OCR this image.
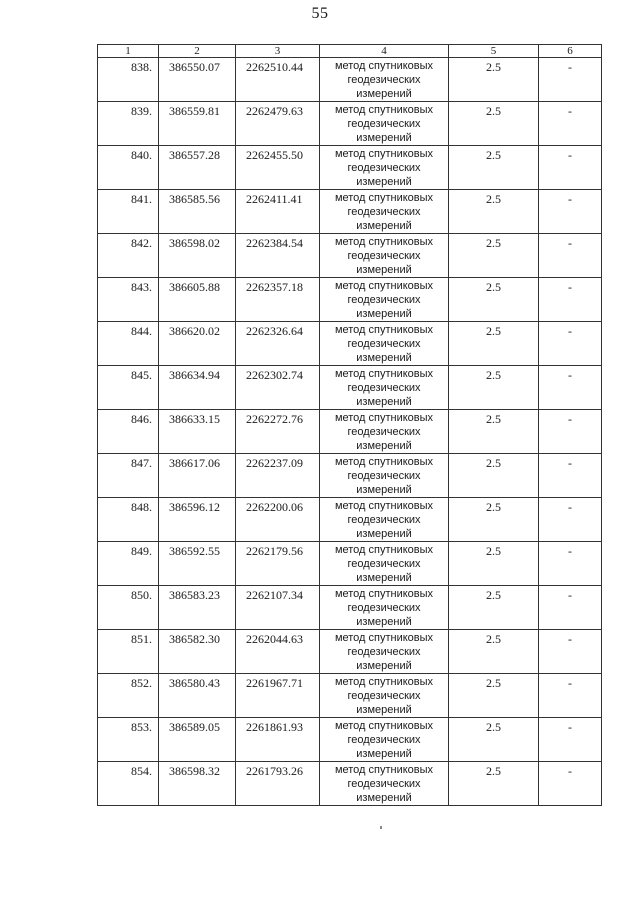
55
1	2	3	4	5	6
838.	386550.07	2262510.44	метод спутниковых геодезических измерений	2.5	-
839.	386559.81	2262479.63	метод спутниковых геодезических измерений	2.5	-
840.	386557.28	2262455.50	метод спутниковых геодезических измерений	2.5	-
841.	386585.56	2262411.41	метод спутниковых геодезических измерений	2.5	-
842.	386598.02	2262384.54	метод спутниковых геодезических измерений	2.5	-
843.	386605.88	2262357.18	метод спутниковых геодезических измерений	2.5	-
844.	386620.02	2262326.64	метод спутниковых геодезических измерений	2.5	-
845.	386634.94	2262302.74	метод спутниковых геодезических измерений	2.5	-
846.	386633.15	2262272.76	метод спутниковых геодезических измерений	2.5	-
847.	386617.06	2262237.09	метод спутниковых геодезических измерений	2.5	-
848.	386596.12	2262200.06	метод спутниковых геодезических измерений	2.5	-
849.	386592.55	2262179.56	метод спутниковых геодезических измерений	2.5	-
850.	386583.23	2262107.34	метод спутниковых геодезических измерений	2.5	-
851.	386582.30	2262044.63	метод спутниковых геодезических измерений	2.5	-
852.	386580.43	2261967.71	метод спутниковых геодезических измерений	2.5	-
853.	386589.05	2261861.93	метод спутниковых геодезических измерений	2.5	-
854.	386598.32	2261793.26	метод спутниковых геодезических измерений	2.5	-
